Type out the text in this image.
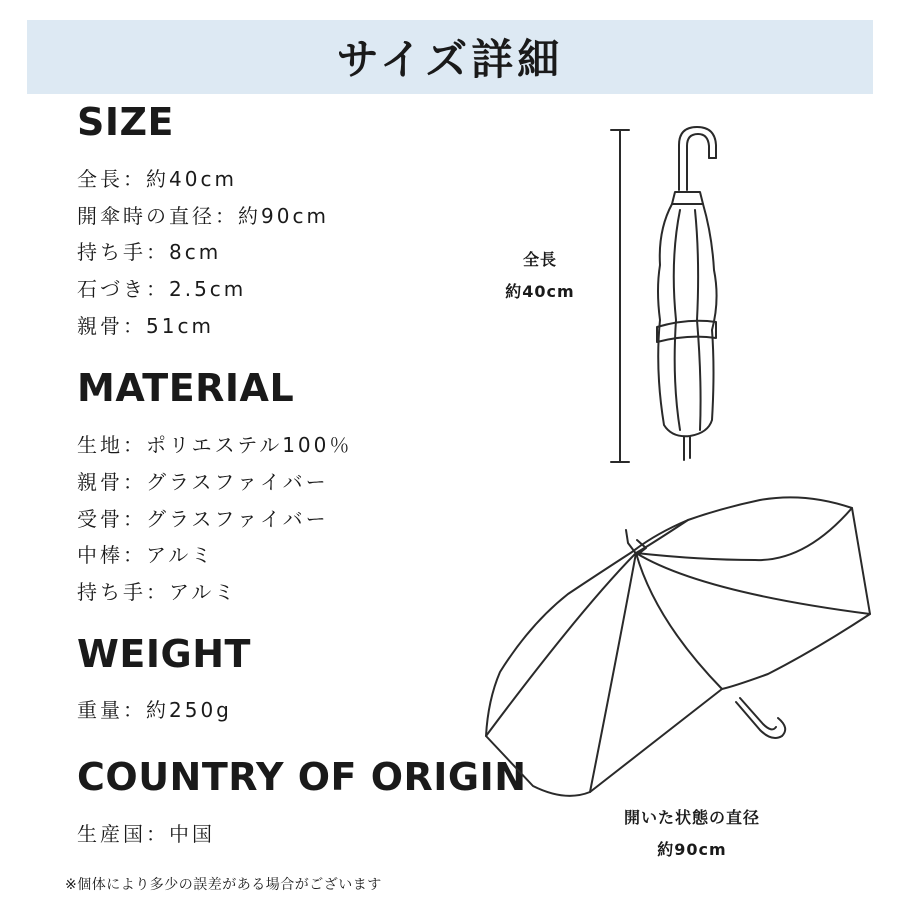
サイズ詳細
SIZE
全長：約40cm
開傘時の直径：約90cm
持ち手：8cm
石づき：2.5cm
親骨：51cm
MATERIAL
生地：ポリエステル100％
親骨：グラスファイバー
受骨：グラスファイバー
中棒：アルミ
持ち手：アルミ
WEIGHT
重量：約250g
COUNTRY OF ORIGIN
生産国：中国
※個体により多少の誤差がある場合がございます
全長
約40cm
開いた状態の直径
約90cm
